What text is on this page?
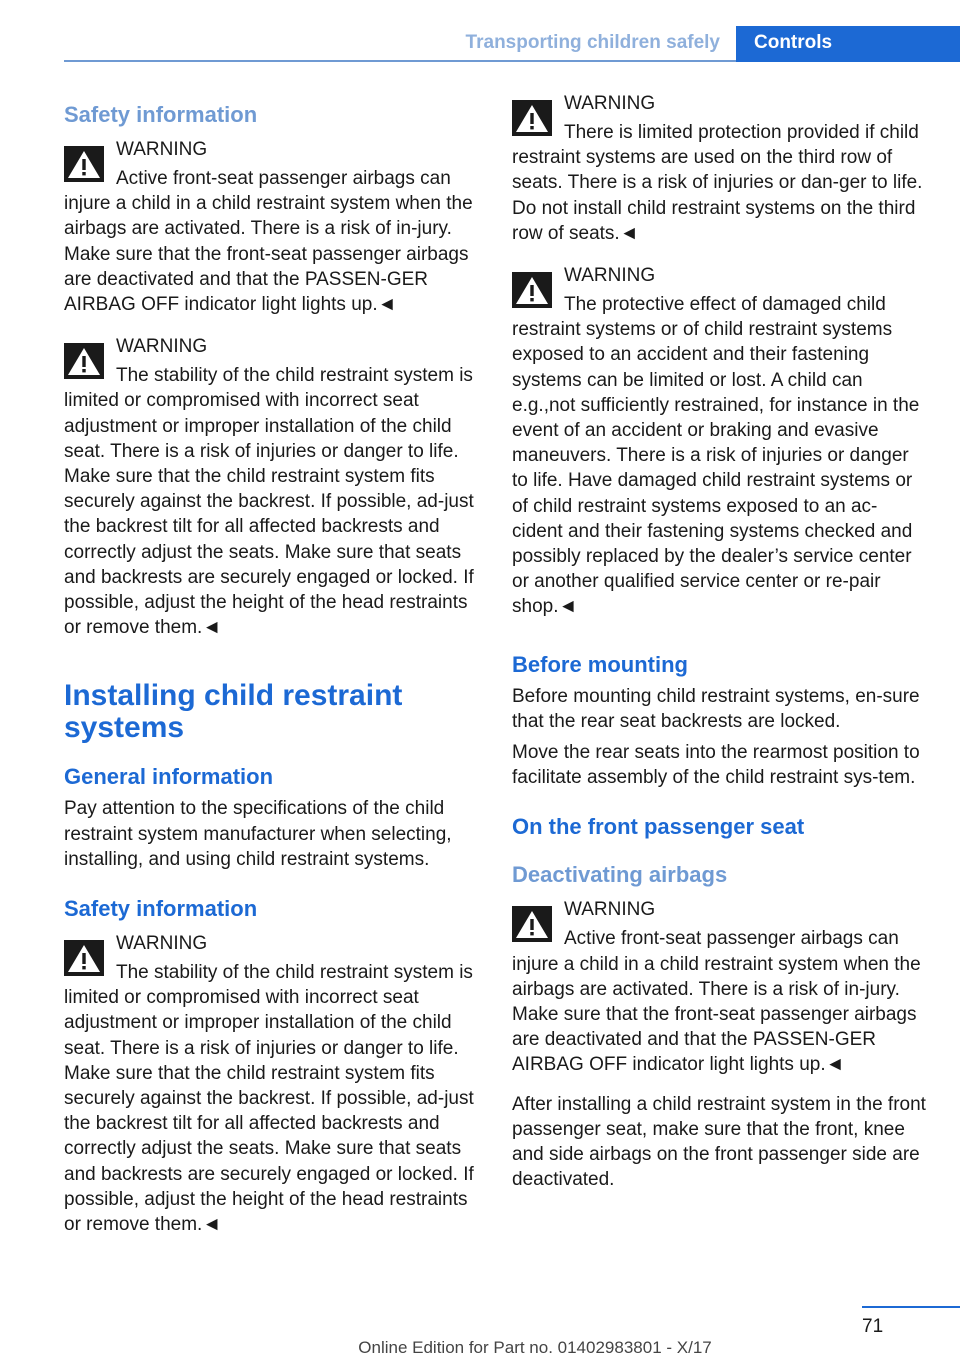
Transporting children safely	Controls
Safety information
WARNING
Active front-seat passenger airbags can injure a child in a child restraint system when the airbags are activated. There is a risk of in-jury. Make sure that the front-seat passenger airbags are deactivated and that the PASSEN-GER AIRBAG OFF indicator light lights up.◄
WARNING
The stability of the child restraint system is limited or compromised with incorrect seat adjustment or improper installation of the child seat. There is a risk of injuries or danger to life. Make sure that the child restraint system fits securely against the backrest. If possible, ad-just the backrest tilt for all affected backrests and correctly adjust the seats. Make sure that seats and backrests are securely engaged or locked. If possible, adjust the height of the head restraints or remove them.◄
Installing child restraint systems
General information

Pay attention to the specifications of the child restraint system manufacturer when selecting, installing, and using child restraint systems.

Safety information
WARNING
The stability of the child restraint system is limited or compromised with incorrect seat adjustment or improper installation of the child seat. There is a risk of injuries or danger to life. Make sure that the child restraint system fits securely against the backrest. If possible, ad-just the backrest tilt for all affected backrests and correctly adjust the seats. Make sure that seats and backrests are securely engaged or locked. If possible, adjust the height of the head restraints or remove them.◄
WARNING
There is limited protection provided if child restraint systems are used on the third row of seats. There is a risk of injuries or dan-ger to life. Do not install child restraint systems on the third row of seats.◄
WARNING
The protective effect of damaged child restraint systems or of child restraint systems exposed to an accident and their fastening systems can be limited or lost. A child can e.g.,not sufficiently restrained, for instance in the event of an accident or braking and evasive maneuvers. There is a risk of injuries or danger to life. Have damaged child restraint systems or of child restraint systems exposed to an ac-cident and their fastening systems checked and possibly replaced by the dealer’s service center or another qualified service center or re-pair shop.◄
Before mounting

Before mounting child restraint systems, en-sure that the rear seat backrests are locked.

Move the rear seats into the rearmost position to facilitate assembly of the child restraint sys-tem.

On the front passenger seat
Deactivating airbags
WARNING
Active front-seat passenger airbags can injure a child in a child restraint system when the airbags are activated. There is a risk of in-jury. Make sure that the front-seat passenger airbags are deactivated and that the PASSEN-GER AIRBAG OFF indicator light lights up.◄

After installing a child restraint system in the front passenger seat, make sure that the front, knee and side airbags on the front passenger side are deactivated.

71
Online Edition for Part no. 01402983801 - X/17
